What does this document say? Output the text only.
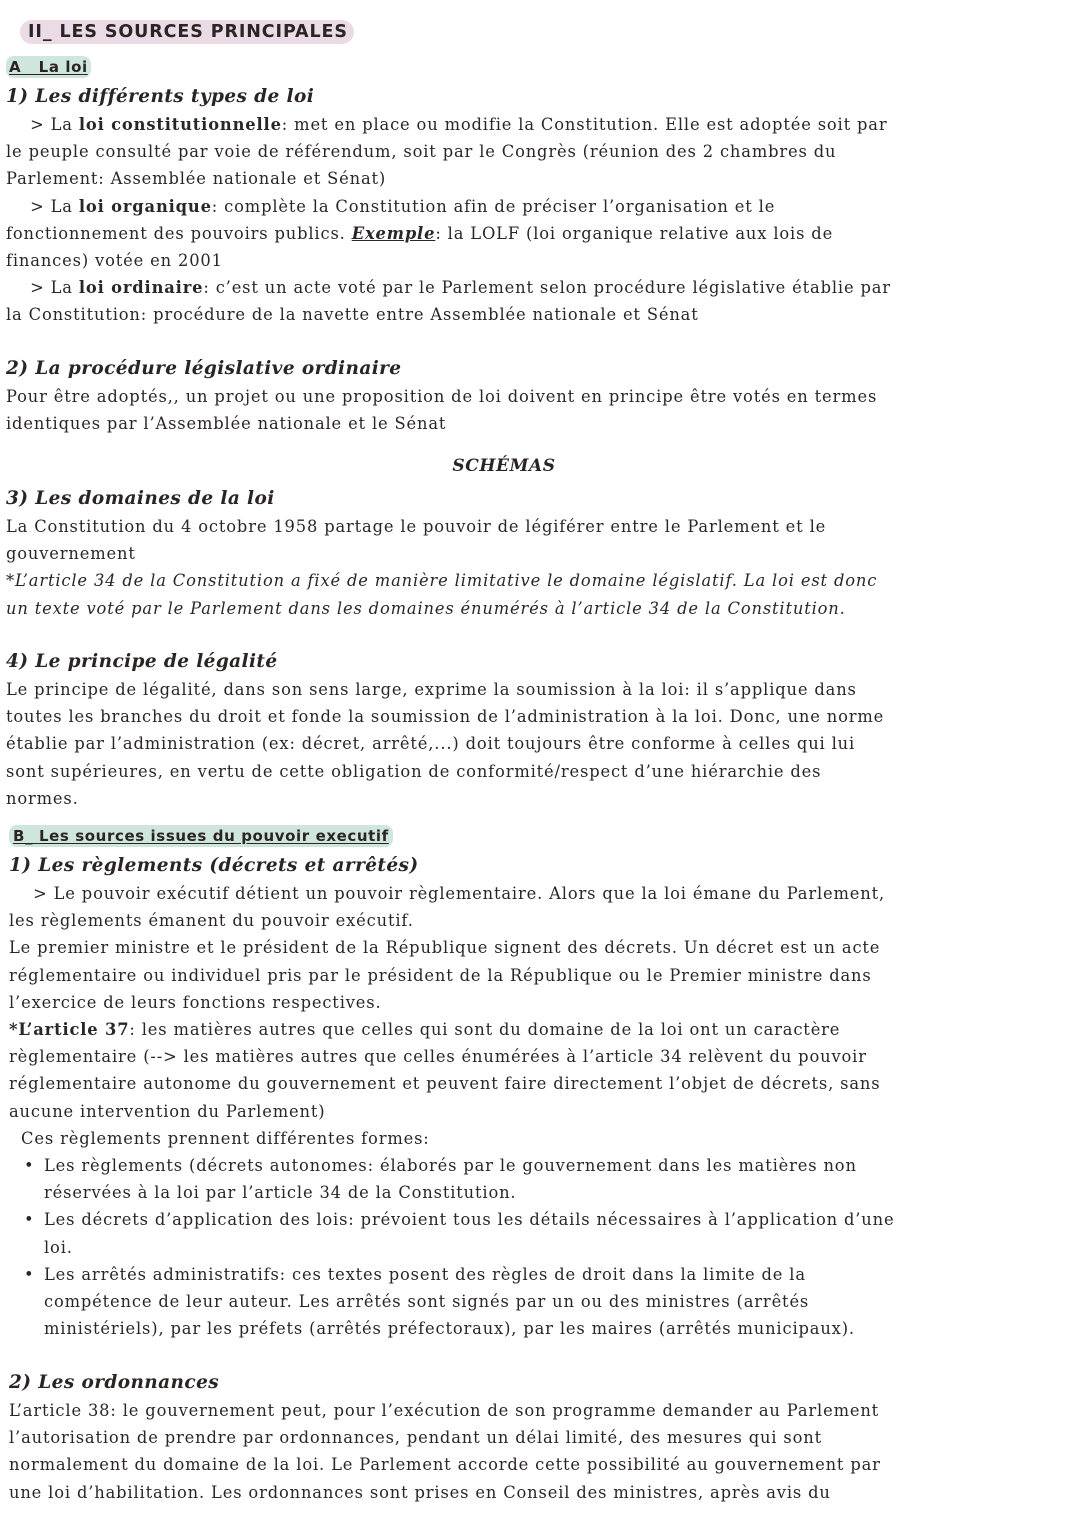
II_ LES SOURCES PRINCIPALES
A   La loi
1) Les différents types de loi
> La loi constitutionnelle: met en place ou modifie la Constitution. Elle est adoptée soit par
le peuple consulté par voie de référendum, soit par le Congrès (réunion des 2 chambres du
Parlement: Assemblée nationale et Sénat)
> La loi organique: complète la Constitution afin de préciser l’organisation et le
fonctionnement des pouvoirs publics. Exemple: la LOLF (loi organique relative aux lois de
finances) votée en 2001
> La loi ordinaire: c’est un acte voté par le Parlement selon procédure législative établie par
la Constitution: procédure de la navette entre Assemblée nationale et Sénat
2) La procédure législative ordinaire
Pour être adoptés,, un projet ou une proposition de loi doivent en principe être votés en termes
identiques par l’Assemblée nationale et le Sénat
SCHÉMAS
3) Les domaines de la loi
La Constitution du 4 octobre 1958 partage le pouvoir de légiférer entre le Parlement et le
gouvernement
*L’article 34 de la Constitution a fixé de manière limitative le domaine législatif. La loi est donc
un texte voté par le Parlement dans les domaines énumérés à l’article 34 de la Constitution.
4) Le principe de légalité
Le principe de légalité, dans son sens large, exprime la soumission à la loi: il s’applique dans
toutes les branches du droit et fonde la soumission de l’administration à la loi. Donc, une norme
établie par l’administration (ex: décret, arrêté,...) doit toujours être conforme à celles qui lui
sont supérieures, en vertu de cette obligation de conformité/respect d’une hiérarchie des
normes.
B_ Les sources issues du pouvoir executif
1) Les règlements (décrets et arrêtés)
> Le pouvoir exécutif détient un pouvoir règlementaire. Alors que la loi émane du Parlement,
les règlements émanent du pouvoir exécutif.
Le premier ministre et le président de la République signent des décrets. Un décret est un acte
réglementaire ou individuel pris par le président de la République ou le Premier ministre dans
l’exercice de leurs fonctions respectives.
*L’article 37: les matières autres que celles qui sont du domaine de la loi ont un caractère
règlementaire (--> les matières autres que celles énumérées à l’article 34 relèvent du pouvoir
réglementaire autonome du gouvernement et peuvent faire directement l’objet de décrets, sans
aucune intervention du Parlement)
Ces règlements prennent différentes formes:
• Les règlements (décrets autonomes: élaborés par le gouvernement dans les matières non
réservées à la loi par l’article 34 de la Constitution.
• Les décrets d’application des lois: prévoient tous les détails nécessaires à l’application d’une
loi.
• Les arrêtés administratifs: ces textes posent des règles de droit dans la limite de la
compétence de leur auteur. Les arrêtés sont signés par un ou des ministres (arrêtés
ministériels), par les préfets (arrêtés préfectoraux), par les maires (arrêtés municipaux).
2) Les ordonnances
L’article 38: le gouvernement peut, pour l’exécution de son programme demander au Parlement
l’autorisation de prendre par ordonnances, pendant un délai limité, des mesures qui sont
normalement du domaine de la loi. Le Parlement accorde cette possibilité au gouvernement par
une loi d’habilitation. Les ordonnances sont prises en Conseil des ministres, après avis du
